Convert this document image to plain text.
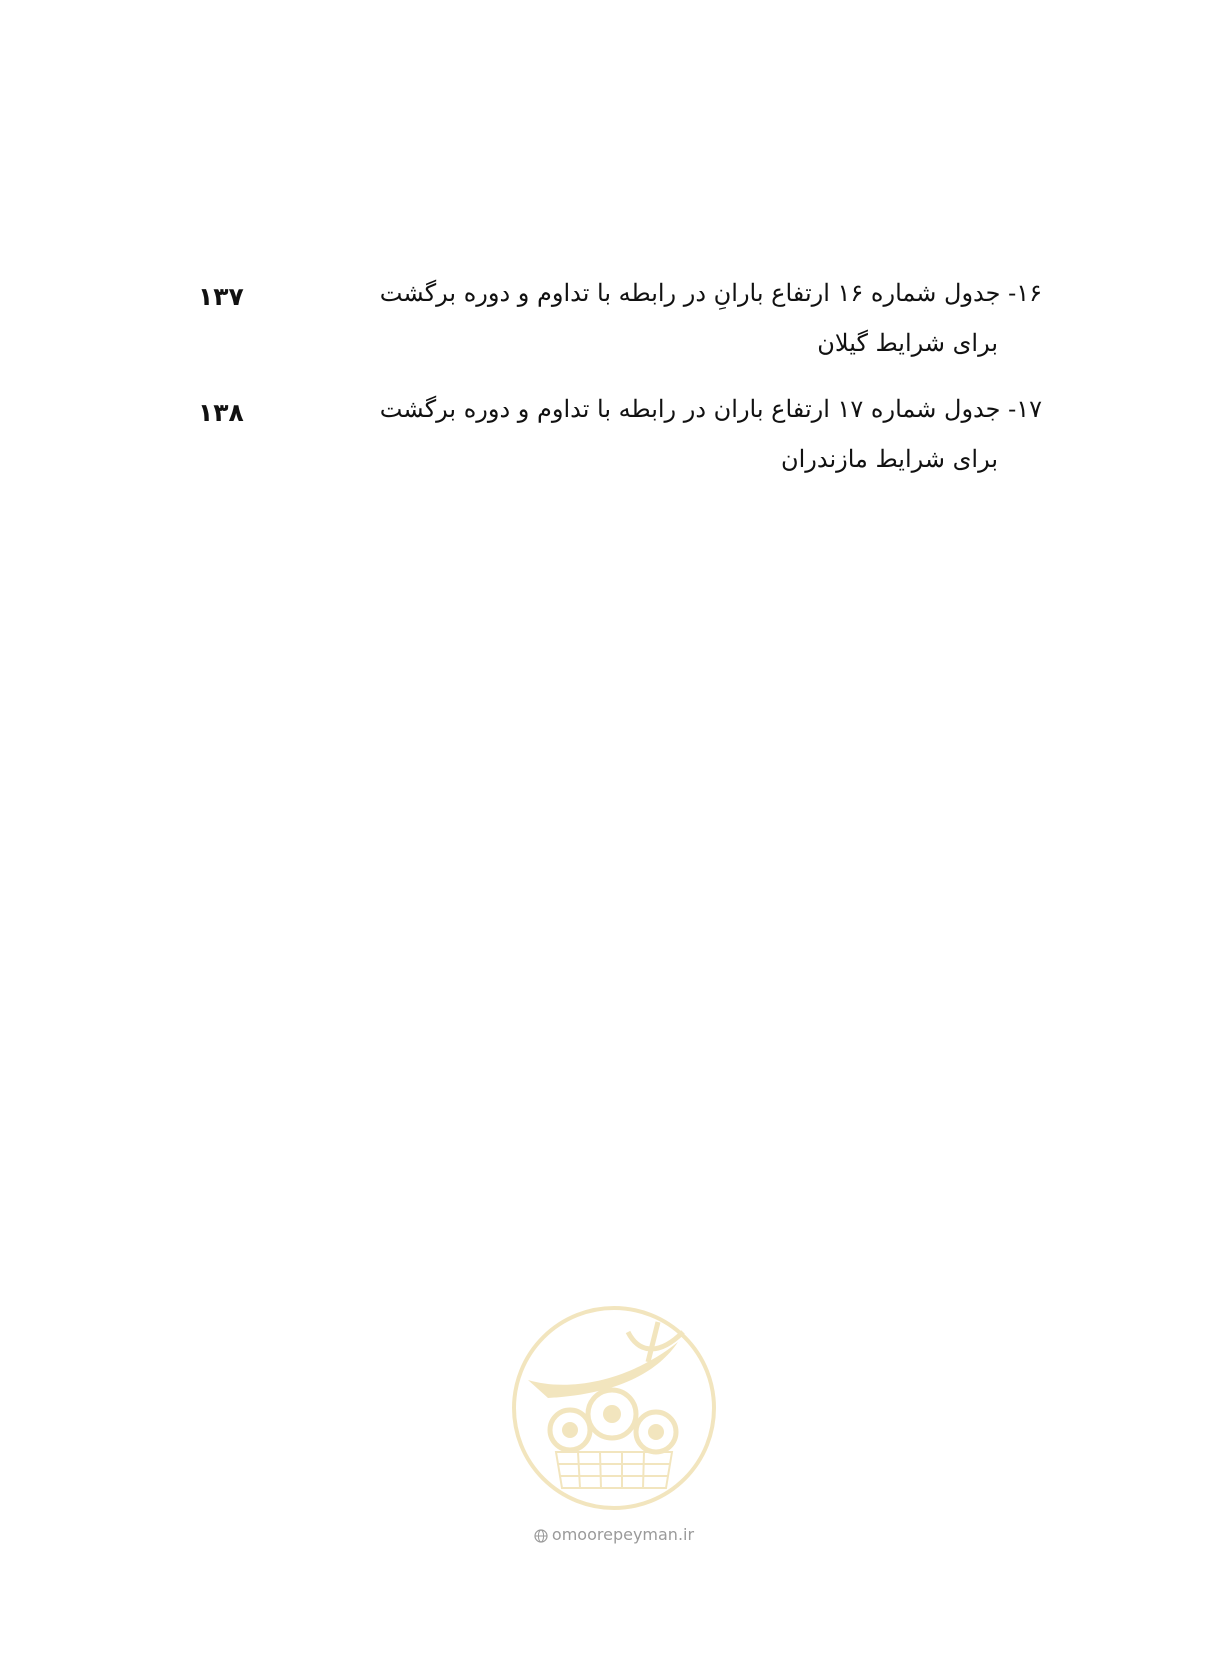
۱۶- جدول شماره ۱۶ ارتفاع بارانِ در رابطه با تداوم و دوره برگشت
برای شرایط گیلان
۱۳۷
۱۷- جدول شماره ۱۷ ارتفاع باران در رابطه با تداوم و دوره برگشت
برای شرایط مازندران
۱۳۸
omoorepeyman.ir
